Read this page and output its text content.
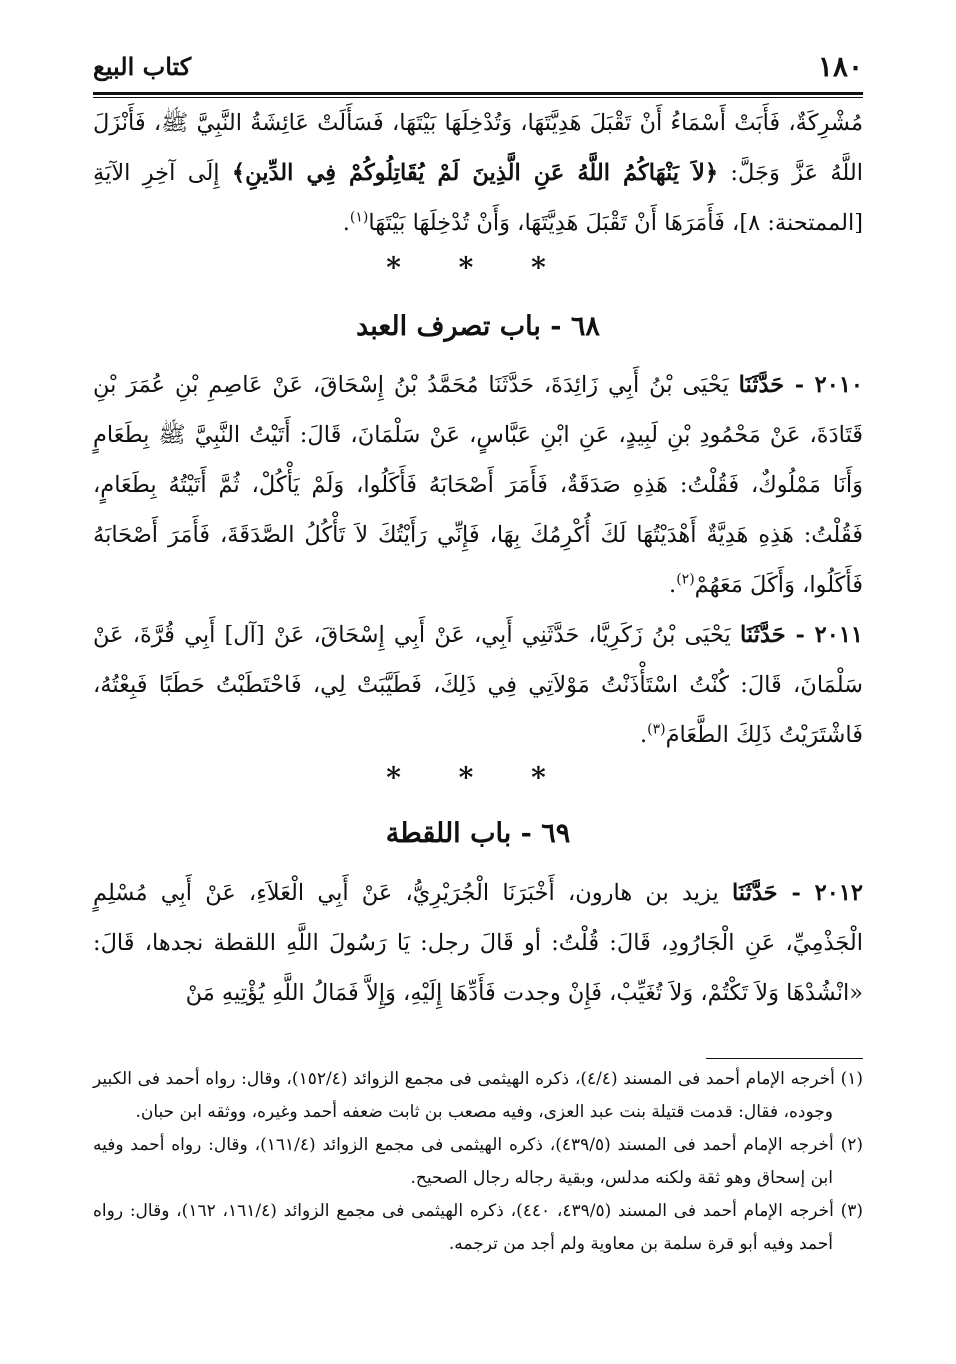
١٨٠
كتاب البيع

مُشْرِكَةٌ، فَأَبَتْ أَسْمَاءُ أَنْ تَقْبَلَ هَدِيَّتَهَا، وَتُدْخِلَهَا بَيْتَهَا، فَسَأَلَتْ عَائِشَةُ النَّبِيَّ ﷺ، فَأَنْزَلَ اللَّهُ عَزَّ وَجَلَّ: ﴿لاَ يَنْهَاكُمُ اللَّهُ عَنِ الَّذِينَ لَمْ يُقَاتِلُوكُمْ فِي الدِّينِ﴾ إِلَى آخِرِ الآيَةِ [الممتحنة: ٨]، فَأَمَرَهَا أَنْ تَقْبَلَ هَدِيَّتَهَا، وَأَنْ تُدْخِلَهَا بَيْتَهَا$^{(١)}$.

* * *
٦٨ - باب تصرف العبد

٢٠١٠ - حَدَّثَنَا يَحْيَى بْنُ أَبِي زَائِدَةَ، حَدَّثَنَا مُحَمَّدُ بْنُ إِسْحَاقَ، عَنْ عَاصِمِ بْنِ عُمَرَ بْنِ قَتَادَةَ، عَنْ مَحْمُودِ بْنِ لَبِيدٍ، عَنِ ابْنِ عَبَّاسٍ، عَنْ سَلْمَانَ، قَالَ: أَتَيْتُ النَّبِيَّ ﷺ بِطَعَامٍ وَأَنَا مَمْلُوكٌ، فَقُلْتُ: هَذِهِ صَدَقَةٌ، فَأَمَرَ أَصْحَابَهُ فَأَكَلُوا، وَلَمْ يَأْكُلْ، ثُمَّ أَتَيْتُهُ بِطَعَامٍ، فَقُلْتُ: هَذِهِ هَدِيَّةٌ أَهْدَيْتُهَا لَكَ أُكْرِمُكَ بِهَا، فَإِنِّي رَأَيْتُكَ لاَ تَأْكُلُ الصَّدَقَةَ، فَأَمَرَ أَصْحَابَهُ فَأَكَلُوا، وَأَكَلَ مَعَهُمْ$^{(٢)}$.

٢٠١١ - حَدَّثَنَا يَحْيَى بْنُ زَكَرِيَّا، حَدَّثَنِي أَبِي، عَنْ أَبِي إِسْحَاقَ، عَنْ [آل] أَبِي قُرَّةَ، عَنْ سَلْمَانَ، قَالَ: كُنْتُ اسْتَأْذَنْتُ مَوْلاَتِي فِي ذَلِكَ، فَطَيَّبَتْ لِي، فَاحْتَطَبْتُ حَطَبًا فَبِعْتُهُ، فَاشْتَرَيْتُ ذَلِكَ الطَّعَامَ$^{(٣)}$.

* * *
٦٩ - باب اللقطة

٢٠١٢ - حَدَّثَنَا يزيد بن هارون، أَخْبَرَنَا الْجُرَيْرِيُّ، عَنْ أَبِي الْعَلاَءِ، عَنْ أَبِي مُسْلِمٍ الْجَذْمِيِّ، عَنِ الْجَارُودِ، قَالَ: قُلْتُ: أو قَالَ رجل: يَا رَسُولَ اللَّهِ اللقطة نجدها، قَالَ: «انْشُدْهَا وَلاَ تَكْتُمْ، وَلاَ تُغَيِّبْ، فَإِنْ وجدت فَأَدِّهَا إِلَيْهِ، وَإِلاَّ فَمَالُ اللَّهِ يُؤْتِيهِ مَنْ

(١) أخرجه الإمام أحمد فى المسند (٤/٤)، ذكره الهيثمى فى مجمع الزوائد (١٥٢/٤)، وقال: رواه أحمد فى الكبير وجوده، فقال: قدمت قتيلة بنت عبد العزى، وفيه مصعب بن ثابت ضعفه أحمد وغيره، ووثقه ابن حبان.

(٢) أخرجه الإمام أحمد فى المسند (٤٣٩/٥)، ذكره الهيثمى فى مجمع الزوائد (١٦١/٤)، وقال: رواه أحمد وفيه ابن إسحاق وهو ثقة ولكنه مدلس، وبقية رجاله رجال الصحيح.

(٣) أخرجه الإمام أحمد فى المسند (٤٣٩/٥، ٤٤٠)، ذكره الهيثمى فى مجمع الزوائد (١٦١/٤، ١٦٢)، وقال: رواه أحمد وفيه أبو قرة سلمة بن معاوية ولم أجد من ترجمه.
